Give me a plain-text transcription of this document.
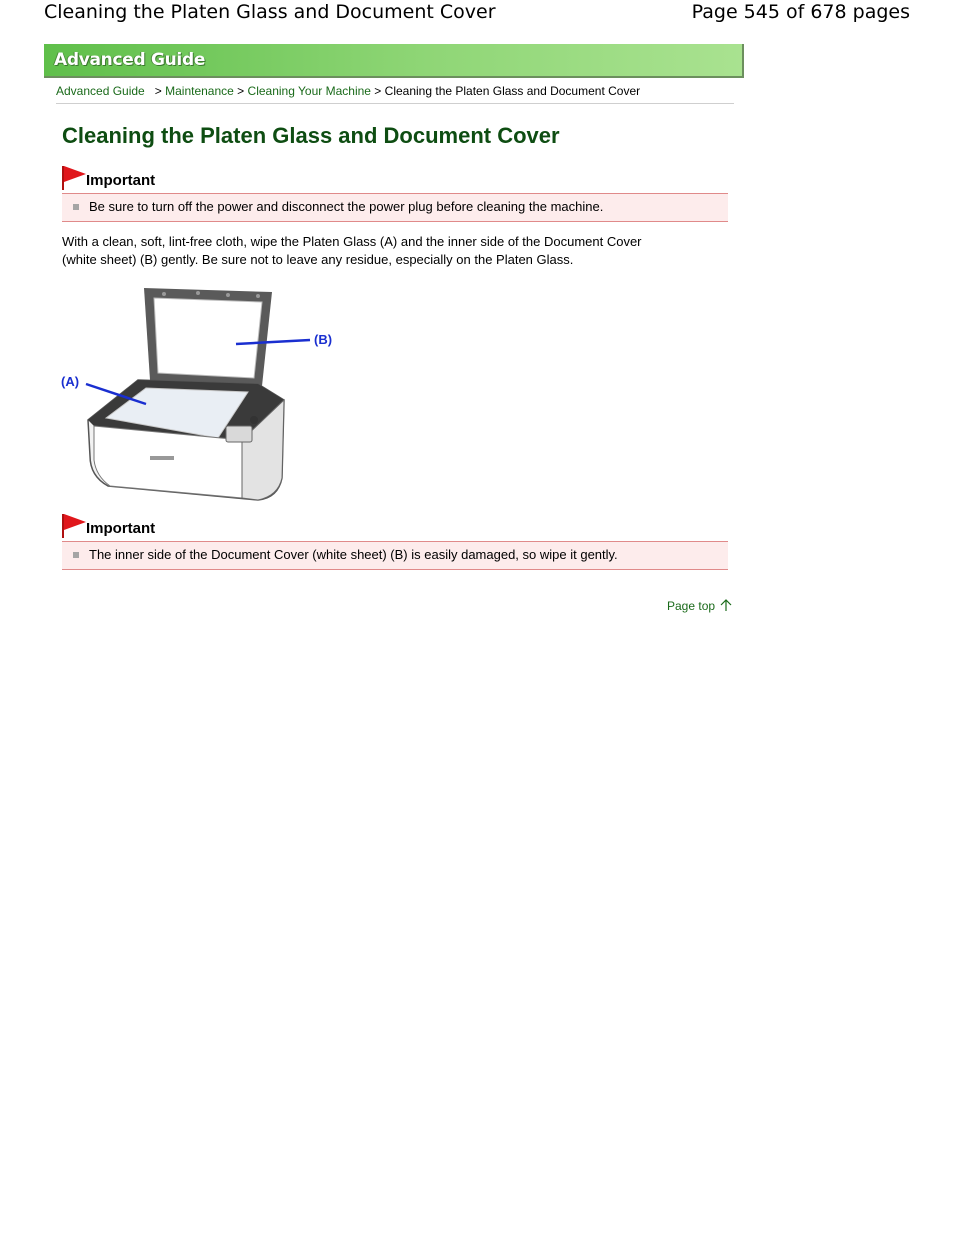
Cleaning the Platen Glass and Document Cover	Page 545 of 678 pages
Advanced Guide
Advanced Guide > Maintenance > Cleaning Your Machine > Cleaning the Platen Glass and Document Cover
Cleaning the Platen Glass and Document Cover
Important
Be sure to turn off the power and disconnect the power plug before cleaning the machine.
With a clean, soft, lint-free cloth, wipe the Platen Glass (A) and the inner side of the Document Cover
(white sheet) (B) gently. Be sure not to leave any residue, especially on the Platen Glass.
(B)
(A)
Important
The inner side of the Document Cover (white sheet) (B) is easily damaged, so wipe it gently.
Page top
